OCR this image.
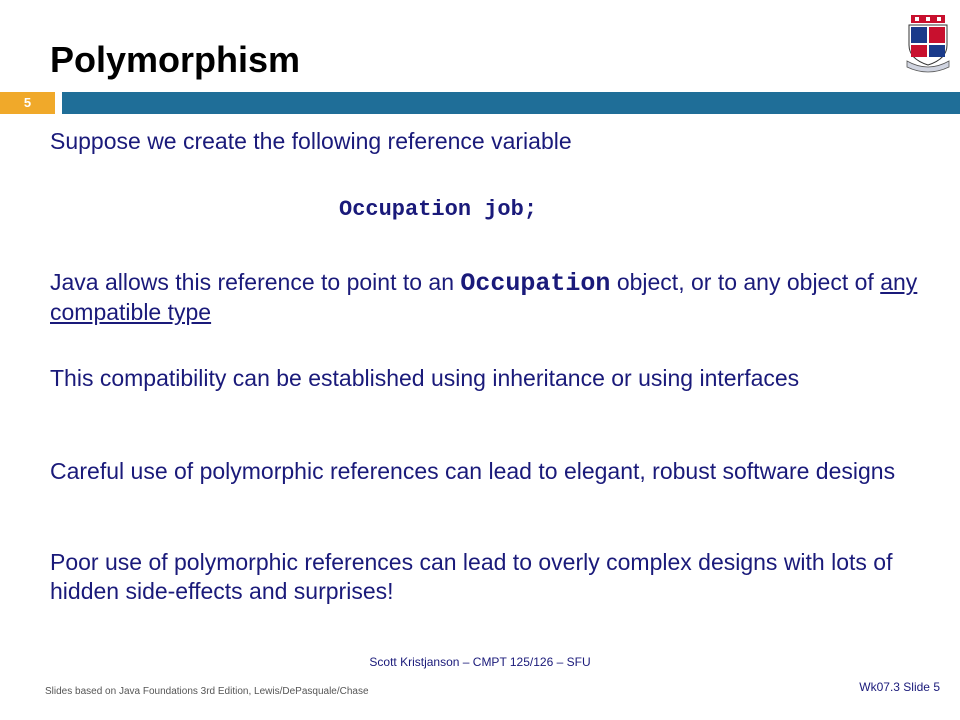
Polymorphism
5

Suppose we create the following reference variable

Occupation job;

Java allows this reference to point to an Occupation object, or to any object of any compatible type

This compatibility can be established using inheritance or using interfaces

Careful use of polymorphic references can lead to elegant, robust software designs

Poor use of polymorphic references can lead to overly complex designs with lots of hidden side-effects and surprises!

Scott Kristjanson – CMPT 125/126 – SFU
Slides based on Java Foundations 3rd Edition, Lewis/DePasquale/Chase	Wk07.3 Slide 5
